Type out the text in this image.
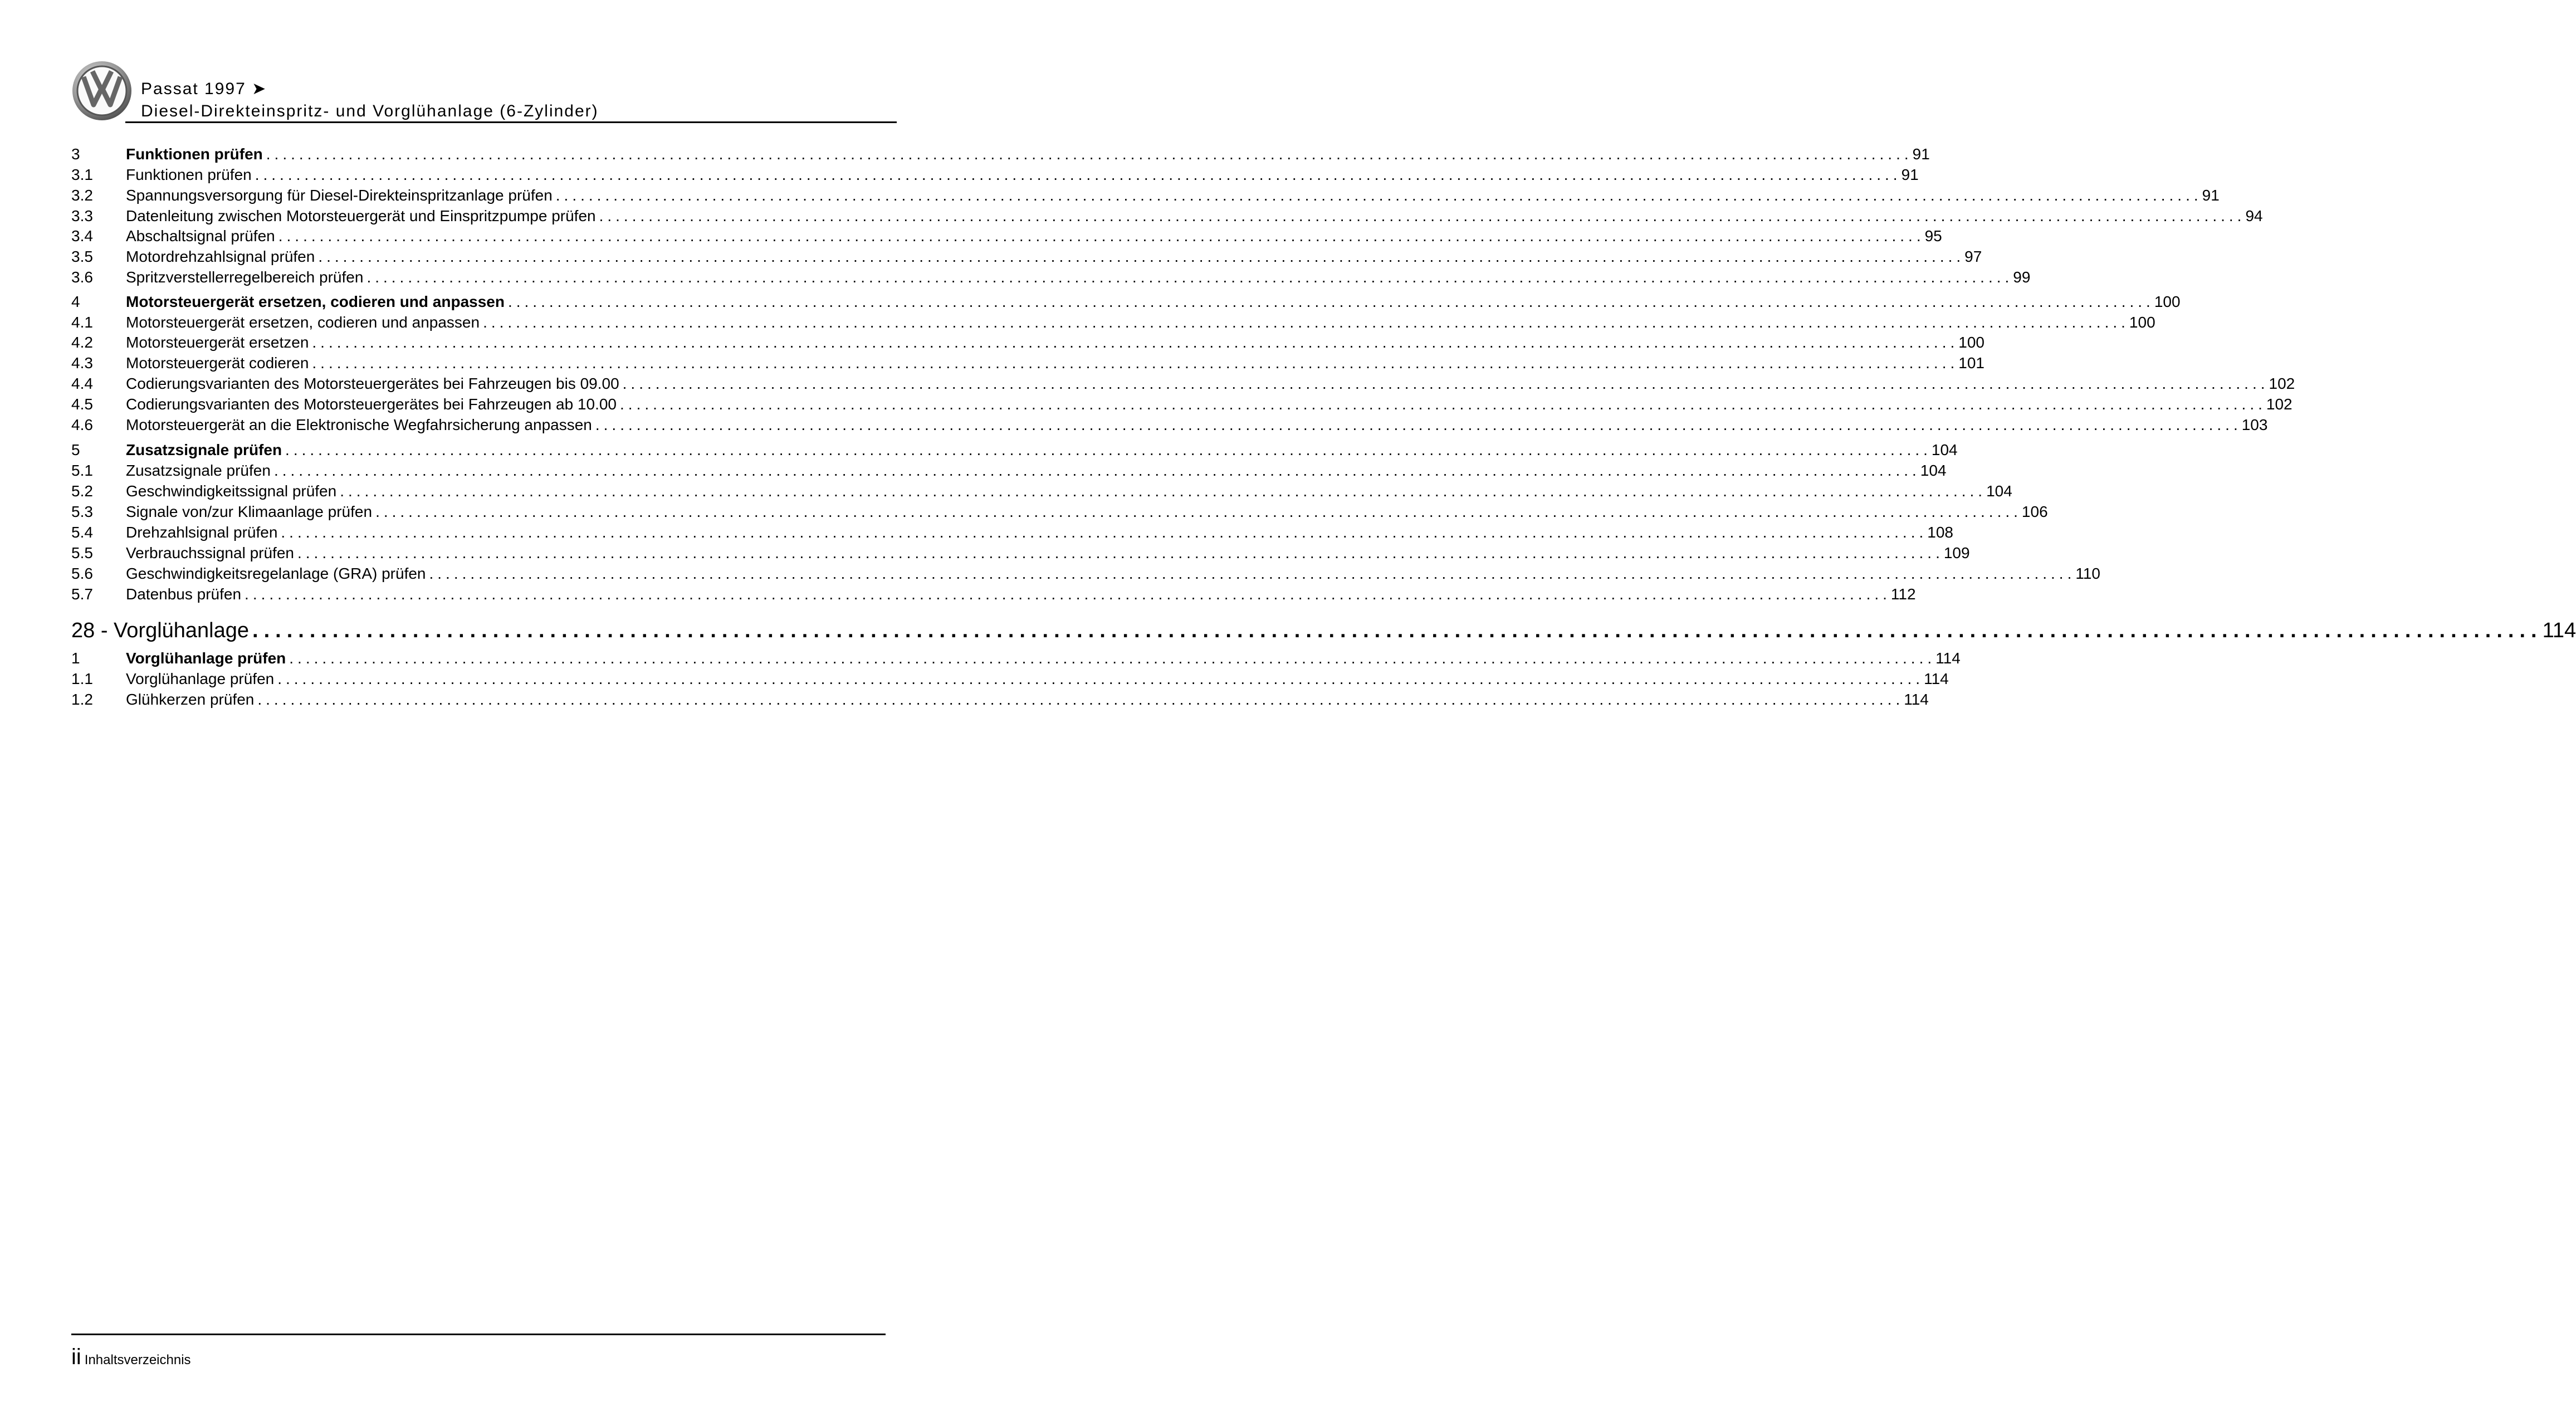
Passat 1997 ➤
Diesel-Direkteinspritz- und Vorglühanlage (6-Zylinder)
3	Funktionen prüfen ........................................................................................................................................................................................................ 91
3.1	Funktionen prüfen ........................................................................................................................................................................................................ 91
3.2	Spannungsversorgung für Diesel-Direkteinspritzanlage prüfen ........................................................................................................................................................................................................ 91
3.3	Datenleitung zwischen Motorsteuergerät und Einspritzpumpe prüfen ........................................................................................................................................................................................................ 94
3.4	Abschaltsignal prüfen ........................................................................................................................................................................................................ 95
3.5	Motordrehzahlsignal prüfen ........................................................................................................................................................................................................ 97
3.6	Spritzverstellerregelbereich prüfen ........................................................................................................................................................................................................ 99
4	Motorsteuergerät ersetzen, codieren und anpassen ........................................................................................................................................................................................................ 100
4.1	Motorsteuergerät ersetzen, codieren und anpassen ........................................................................................................................................................................................................ 100
4.2	Motorsteuergerät ersetzen ........................................................................................................................................................................................................ 100
4.3	Motorsteuergerät codieren ........................................................................................................................................................................................................ 101
4.4	Codierungsvarianten des Motorsteuergerätes bei Fahrzeugen bis 09.00 ........................................................................................................................................................................................................ 102
4.5	Codierungsvarianten des Motorsteuergerätes bei Fahrzeugen ab 10.00 ........................................................................................................................................................................................................ 102
4.6	Motorsteuergerät an die Elektronische Wegfahrsicherung anpassen ........................................................................................................................................................................................................ 103
5	Zusatzsignale prüfen ........................................................................................................................................................................................................ 104
5.1	Zusatzsignale prüfen ........................................................................................................................................................................................................ 104
5.2	Geschwindigkeitssignal prüfen ........................................................................................................................................................................................................ 104
5.3	Signale von/zur Klimaanlage prüfen ........................................................................................................................................................................................................ 106
5.4	Drehzahlsignal prüfen ........................................................................................................................................................................................................ 108
5.5	Verbrauchssignal prüfen ........................................................................................................................................................................................................ 109
5.6	Geschwindigkeitsregelanlage (GRA) prüfen ........................................................................................................................................................................................................ 110
5.7	Datenbus prüfen ........................................................................................................................................................................................................ 112
28 - Vorglühanlage ........................................................................................................................................................................................................ 114
1	Vorglühanlage prüfen ........................................................................................................................................................................................................ 114
1.1	Vorglühanlage prüfen ........................................................................................................................................................................................................ 114
1.2	Glühkerzen prüfen ........................................................................................................................................................................................................ 114
ii Inhaltsverzeichnis
